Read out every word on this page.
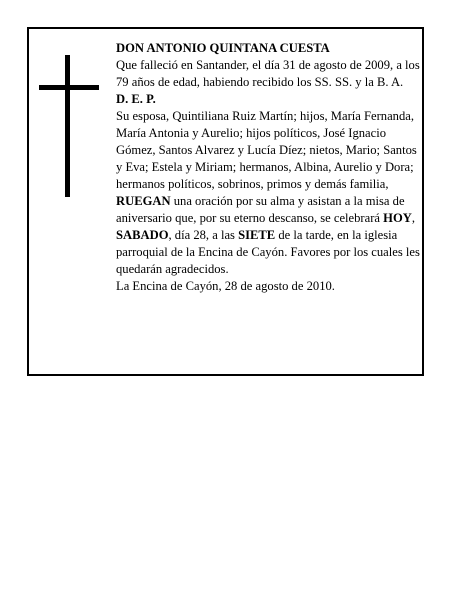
DON ANTONIO QUINTANA CUESTA

Que falleció en Santander, el día 31 de agosto de 2009, a los 79 años de edad, habiendo recibido los SS. SS. y la B. A.

D. E. P.

Su esposa, Quintiliana Ruiz Martín; hijos, María Fernanda, María Antonia y Aurelio; hijos políticos, José Ignacio Gómez, Santos Alvarez y Lucía Díez; nietos, Mario; Santos y Eva; Estela y Miriam; hermanos, Albina, Aurelio y Dora; hermanos políticos, sobrinos, primos y demás familia,

RUEGAN una oración por su alma y asistan a la misa de aniversario que, por su eterno descanso, se celebrará HOY, SABADO, día 28, a las SIETE de la tarde, en la iglesia parroquial de la Encina de Cayón. Favores por los cuales les quedarán agradecidos.

La Encina de Cayón, 28 de agosto de 2010.
